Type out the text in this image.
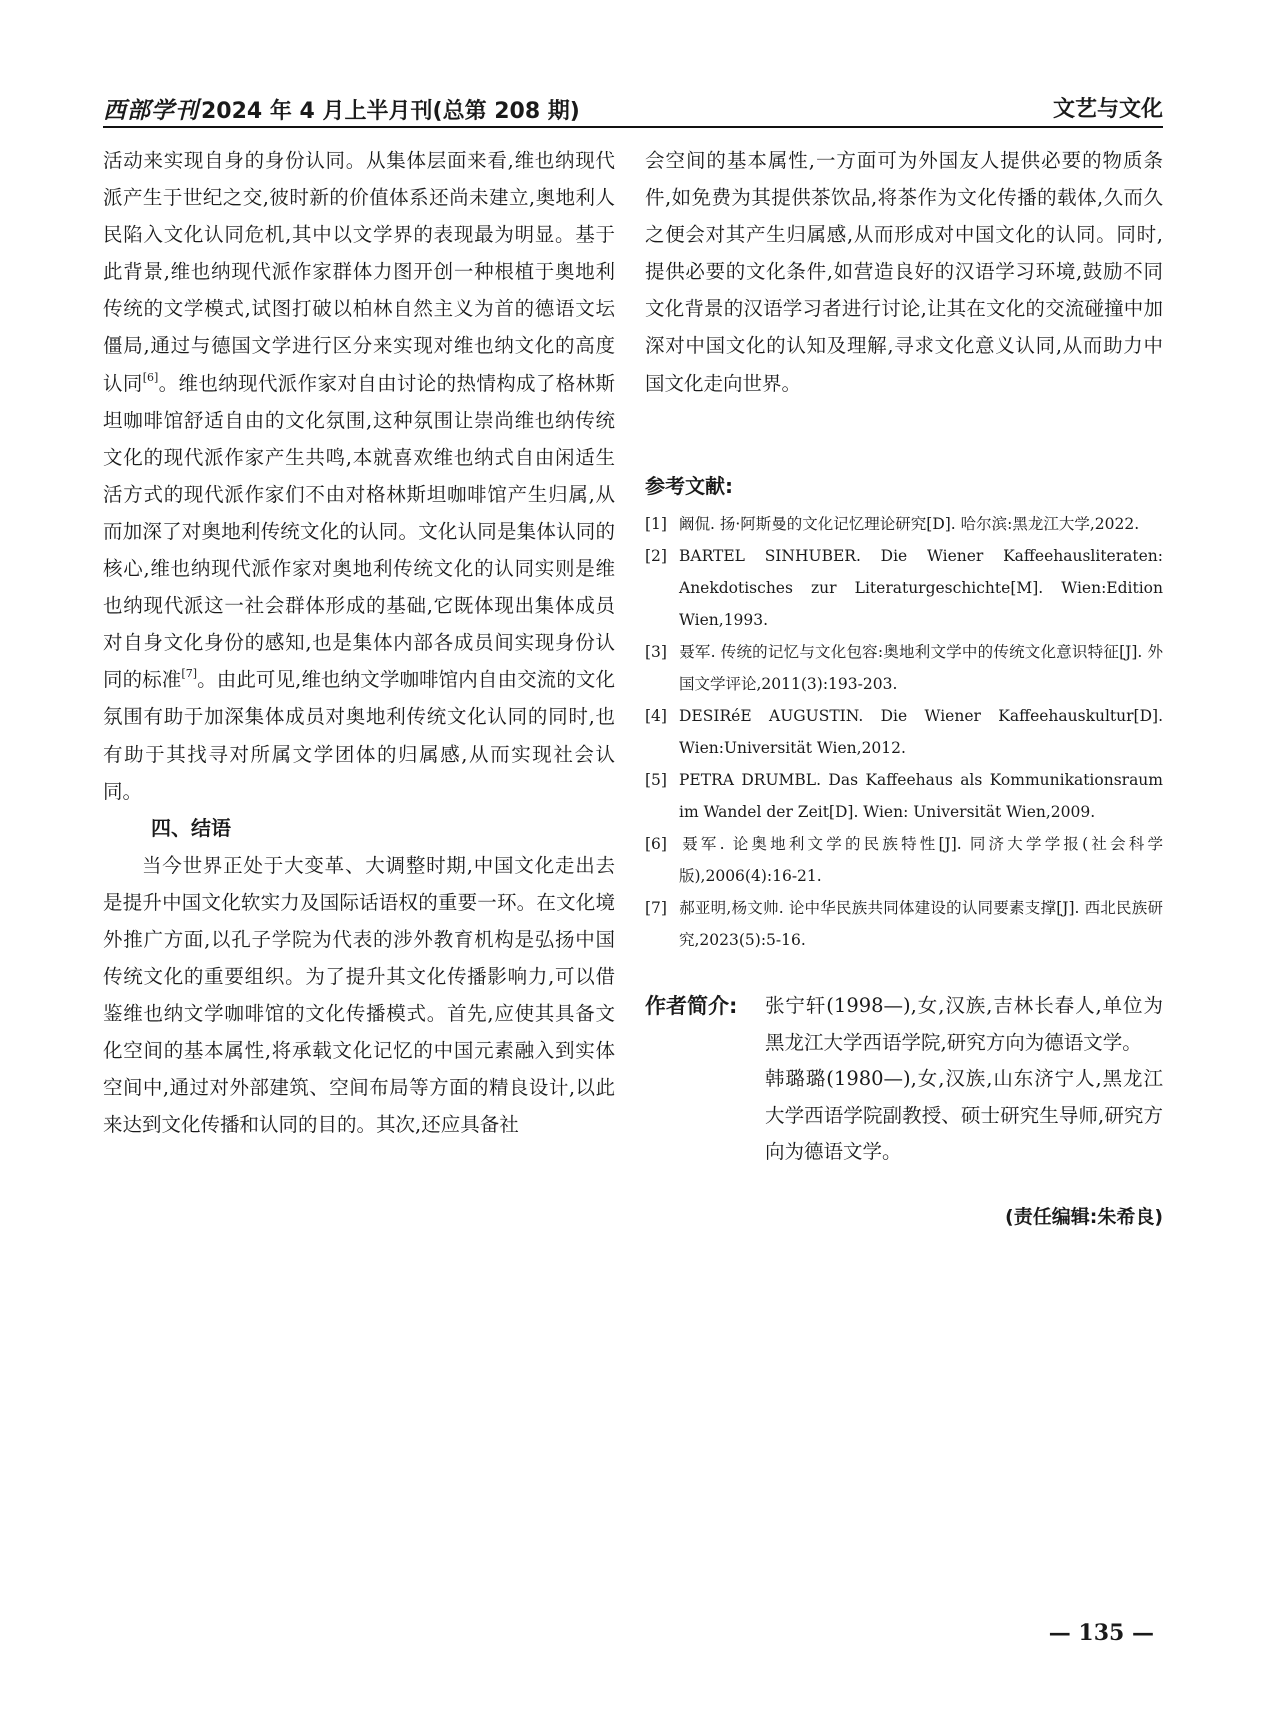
西部学刊2024 年 4 月上半月刊(总第 208 期)	文艺与文化

活动来实现自身的身份认同。从集体层面来看,维也纳现代派产生于世纪之交,彼时新的价值体系还尚未建立,奥地利人民陷入文化认同危机,其中以文学界的表现最为明显。基于此背景,维也纳现代派作家群体力图开创一种根植于奥地利传统的文学模式,试图打破以柏林自然主义为首的德语文坛僵局,通过与德国文学进行区分来实现对维也纳文化的高度认同[6]。维也纳现代派作家对自由讨论的热情构成了格林斯坦咖啡馆舒适自由的文化氛围,这种氛围让崇尚维也纳传统文化的现代派作家产生共鸣,本就喜欢维也纳式自由闲适生活方式的现代派作家们不由对格林斯坦咖啡馆产生归属,从而加深了对奥地利传统文化的认同。文化认同是集体认同的核心,维也纳现代派作家对奥地利传统文化的认同实则是维也纳现代派这一社会群体形成的基础,它既体现出集体成员对自身文化身份的感知,也是集体内部各成员间实现身份认同的标准[7]。由此可见,维也纳文学咖啡馆内自由交流的文化氛围有助于加深集体成员对奥地利传统文化认同的同时,也有助于其找寻对所属文学团体的归属感,从而实现社会认同。

四、结语

当今世界正处于大变革、大调整时期,中国文化走出去是提升中国文化软实力及国际话语权的重要一环。在文化境外推广方面,以孔子学院为代表的涉外教育机构是弘扬中国传统文化的重要组织。为了提升其文化传播影响力,可以借鉴维也纳文学咖啡馆的文化传播模式。首先,应使其具备文化空间的基本属性,将承载文化记忆的中国元素融入到实体空间中,通过对外部建筑、空间布局等方面的精良设计,以此来达到文化传播和认同的目的。其次,还应具备社

会空间的基本属性,一方面可为外国友人提供必要的物质条件,如免费为其提供茶饮品,将茶作为文化传播的载体,久而久之便会对其产生归属感,从而形成对中国文化的认同。同时,提供必要的文化条件,如营造良好的汉语学习环境,鼓励不同文化背景的汉语学习者进行讨论,让其在文化的交流碰撞中加深对中国文化的认知及理解,寻求文化意义认同,从而助力中国文化走向世界。

参考文献:
[1] 阚侃. 扬·阿斯曼的文化记忆理论研究[D]. 哈尔滨:黑龙江大学,2022.
[2] BARTEL SINHUBER. Die Wiener Kaffeehausliteraten: Anekdotisches zur Literaturgeschichte[M]. Wien:Edition Wien,1993.
[3] 聂军. 传统的记忆与文化包容:奥地利文学中的传统文化意识特征[J]. 外国文学评论,2011(3):193-203.
[4] DESIRéE AUGUSTIN. Die Wiener Kaffeehauskultur[D]. Wien:Universität Wien,2012.
[5] PETRA DRUMBL. Das Kaffeehaus als Kommunikationsraum im Wandel der Zeit[D]. Wien: Universität Wien,2009.
[6] 聂军. 论奥地利文学的民族特性[J]. 同济大学学报(社会科学版),2006(4):16-21.
[7] 郝亚明,杨文帅. 论中华民族共同体建设的认同要素支撑[J]. 西北民族研究,2023(5):5-16.
作者简介: 张宁轩(1998—),女,汉族,吉林长春人,单位为黑龙江大学西语学院,研究方向为德语文学。

韩璐璐(1980—),女,汉族,山东济宁人,黑龙江大学西语学院副教授、硕士研究生导师,研究方向为德语文学。

(责任编辑:朱希良)
— 135 —
